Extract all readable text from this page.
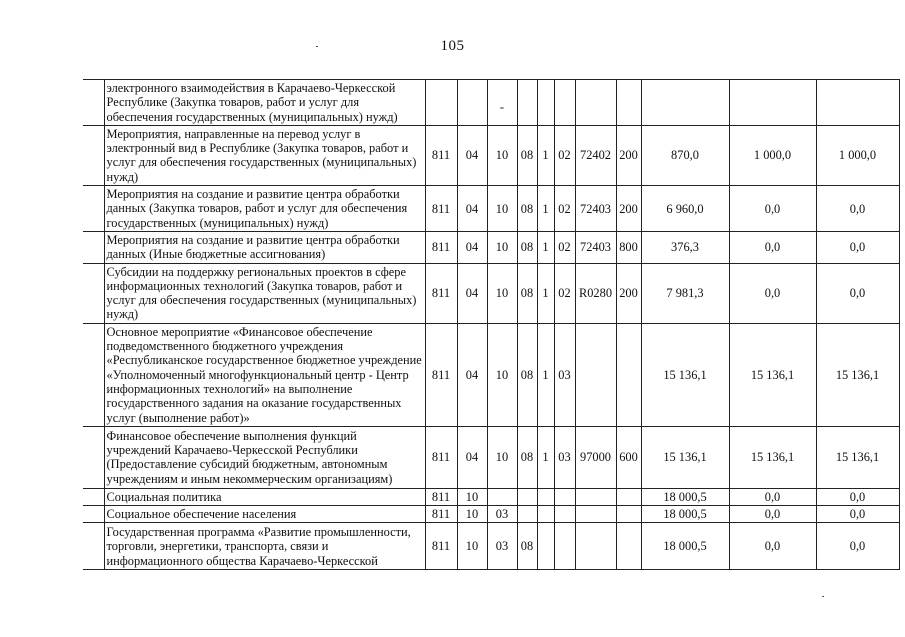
105
	электронного взаимодействия в Карачаево-Черкесской Республике (Закупка товаров, работ и услуг для обеспечения государственных (муниципальных) нужд)			-								
	Мероприятия, направленные на перевод услуг в электронный вид в Республике (Закупка товаров, работ и услуг для обеспечения государственных (муниципальных) нужд)	811	04	10	08	1	02	72402	200	870,0	1 000,0	1 000,0
	Мероприятия на создание и развитие центра обработки данных (Закупка товаров, работ и услуг для обеспечения государственных (муниципальных) нужд)	811	04	10	08	1	02	72403	200	6 960,0	0,0	0,0
	Мероприятия на создание и развитие центра обработки данных (Иные бюджетные ассигнования)	811	04	10	08	1	02	72403	800	376,3	0,0	0,0
	Субсидии на поддержку региональных проектов в сфере информационных технологий (Закупка товаров, работ и услуг для обеспечения государственных (муниципальных) нужд)	811	04	10	08	1	02	R0280	200	7 981,3	0,0	0,0
	Основное мероприятие «Финансовое обеспечение подведомственного бюджетного учреждения «Республиканское государственное бюджетное учреждение «Уполномоченный многофункциональный центр - Центр информационных технологий» на выполнение государственного задания на оказание государственных услуг (выполнение работ)»	811	04	10	08	1	03			15 136,1	15 136,1	15 136,1
	Финансовое обеспечение выполнения функций учреждений Карачаево-Черкесской Республики (Предоставление субсидий бюджетным, автономным учреждениям и иным некоммерческим организациям)	811	04	10	08	1	03	97000	600	15 136,1	15 136,1	15 136,1
	Социальная политика	811	10							18 000,5	0,0	0,0
	Социальное обеспечение населения	811	10	03						18 000,5	0,0	0,0
	Государственная программа «Развитие промышленности, торговли, энергетики, транспорта, связи и информационного общества Карачаево-Черкесской	811	10	03	08					18 000,5	0,0	0,0
